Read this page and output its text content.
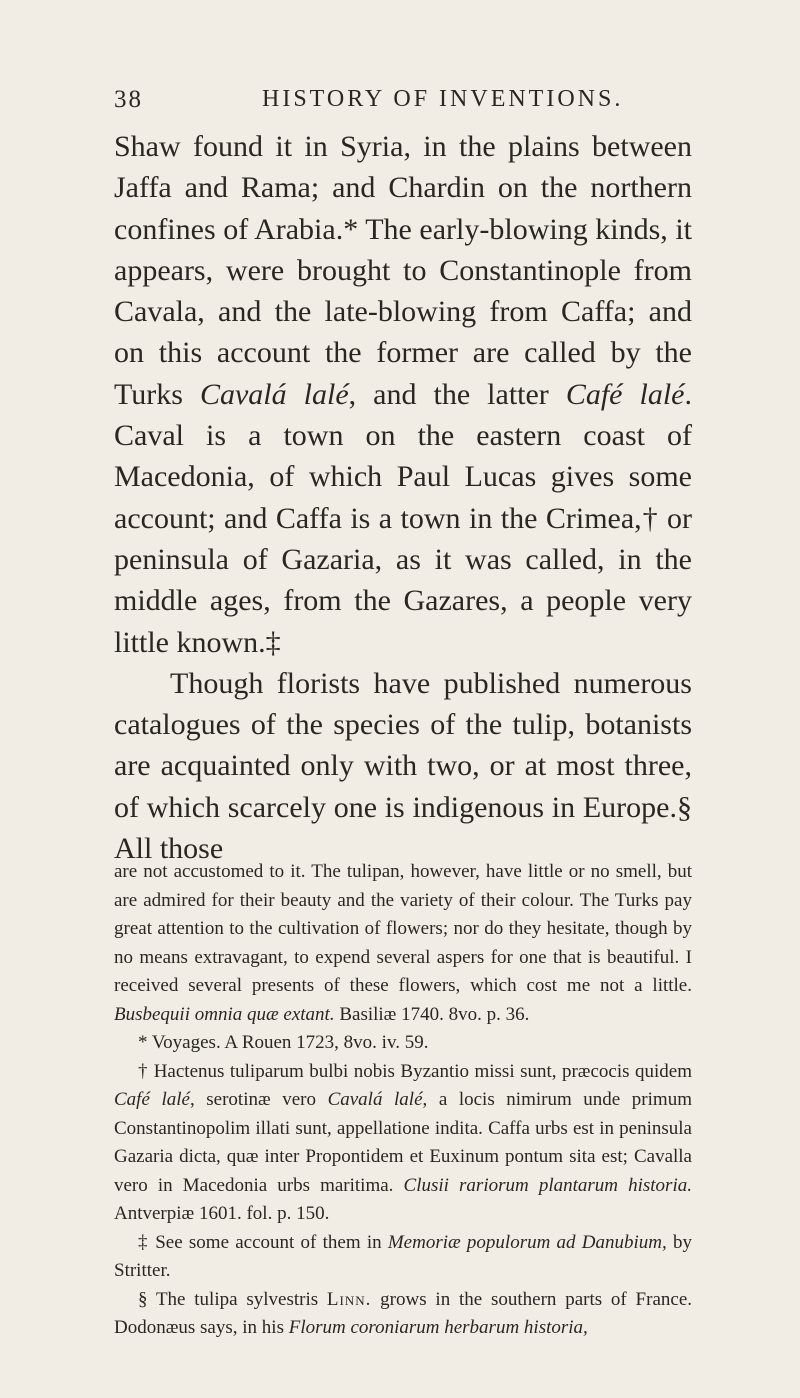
38	HISTORY OF INVENTIONS.

Shaw found it in Syria, in the plains between Jaffa and Rama; and Chardin on the northern confines of Arabia.* The early-blowing kinds, it appears, were brought to Constantinople from Cavala, and the late-blowing from Caffa; and on this account the former are called by the Turks Cavalá lalé, and the latter Café lalé. Caval is a town on the eastern coast of Macedonia, of which Paul Lucas gives some account; and Caffa is a town in the Crimea,† or peninsula of Gazaria, as it was called, in the middle ages, from the Gazares, a people very little known.‡

Though florists have published numerous catalogues of the species of the tulip, botanists are acquainted only with two, or at most three, of which scarcely one is indigenous in Europe.§ All those

are not accustomed to it. The tulipan, however, have little or no smell, but are admired for their beauty and the variety of their colour. The Turks pay great attention to the cultivation of flowers; nor do they hesitate, though by no means extravagant, to expend several aspers for one that is beautiful. I received several presents of these flowers, which cost me not a little. Busbequii omnia quæ extant. Basiliæ 1740. 8vo. p. 36.

* Voyages. A Rouen 1723, 8vo. iv. 59.

† Hactenus tuliparum bulbi nobis Byzantio missi sunt, præcocis quidem Café lalé, serotinæ vero Cavalá lalé, a locis nimirum unde primum Constantinopolim illati sunt, appellatione indita. Caffa urbs est in peninsula Gazaria dicta, quæ inter Propontidem et Euxinum pontum sita est; Cavalla vero in Macedonia urbs maritima. Clusii rariorum plantarum historia. Antverpiæ 1601. fol. p. 150.

‡ See some account of them in Memoriæ populorum ad Danubium, by Stritter.

§ The tulipa sylvestris Linn. grows in the southern parts of France. Dodonæus says, in his Florum coroniarum herbarum historia,
